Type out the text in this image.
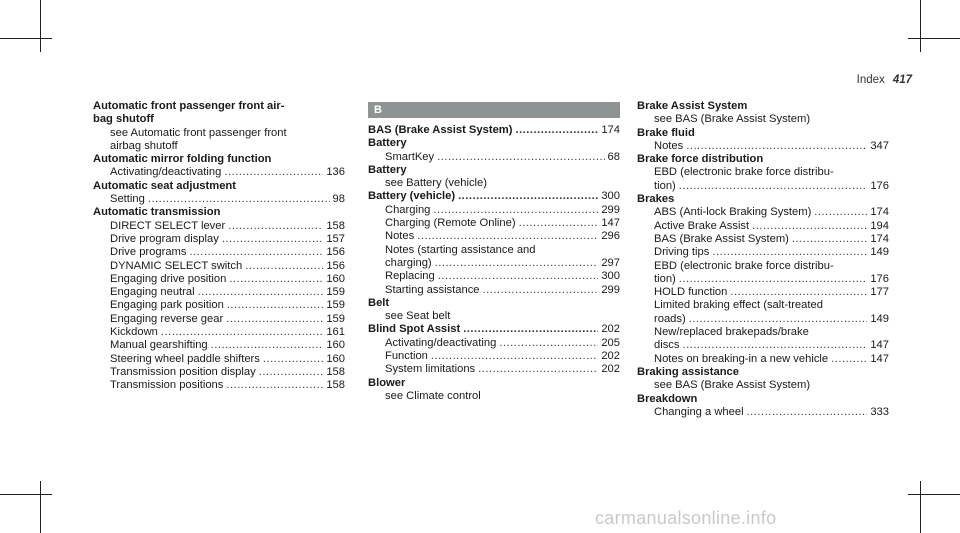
Index 417
Automatic front passenger front air-
bag shutoff
see Automatic front passenger front
airbag shutoff
Automatic mirror folding function
Activating/deactivating .....	136
Automatic seat adjustment
Setting .....	98
Automatic transmission
DIRECT SELECT lever .....	158
Drive program display .....	157
Drive programs .....	156
DYNAMIC SELECT switch .....	156
Engaging drive position .....	160
Engaging neutral .....	159
Engaging park position .....	159
Engaging reverse gear .....	159
Kickdown .....	161
Manual gearshifting .....	160
Steering wheel paddle shifters .....	160
Transmission position display .....	158
Transmission positions .....	158
B
BAS (Brake Assist System) .....	174
Battery
SmartKey .....	68
Battery
see Battery (vehicle)
Battery (vehicle) .....	300
Charging .....	299
Charging (Remote Online) .....	147
Notes .....	296
Notes (starting assistance and
charging) .....	297
Replacing .....	300
Starting assistance .....	299
Belt
see Seat belt
Blind Spot Assist .....	202
Activating/deactivating .....	205
Function .....	202
System limitations .....	202
Blower
see Climate control
Brake Assist System
see BAS (Brake Assist System)
Brake fluid
Notes .....	347
Brake force distribution
EBD (electronic brake force distribu-
tion) .....	176
Brakes
ABS (Anti-lock Braking System) .....	174
Active Brake Assist .....	194
BAS (Brake Assist System) .....	174
Driving tips .....	149
EBD (electronic brake force distribu-
tion) .....	176
HOLD function .....	177
Limited braking effect (salt-treated
roads) .....	149
New/replaced brakepads/brake
discs .....	147
Notes on breaking-in a new vehicle .....	147
Braking assistance
see BAS (Brake Assist System)
Breakdown
Changing a wheel .....	333
carmanualsonline.info
